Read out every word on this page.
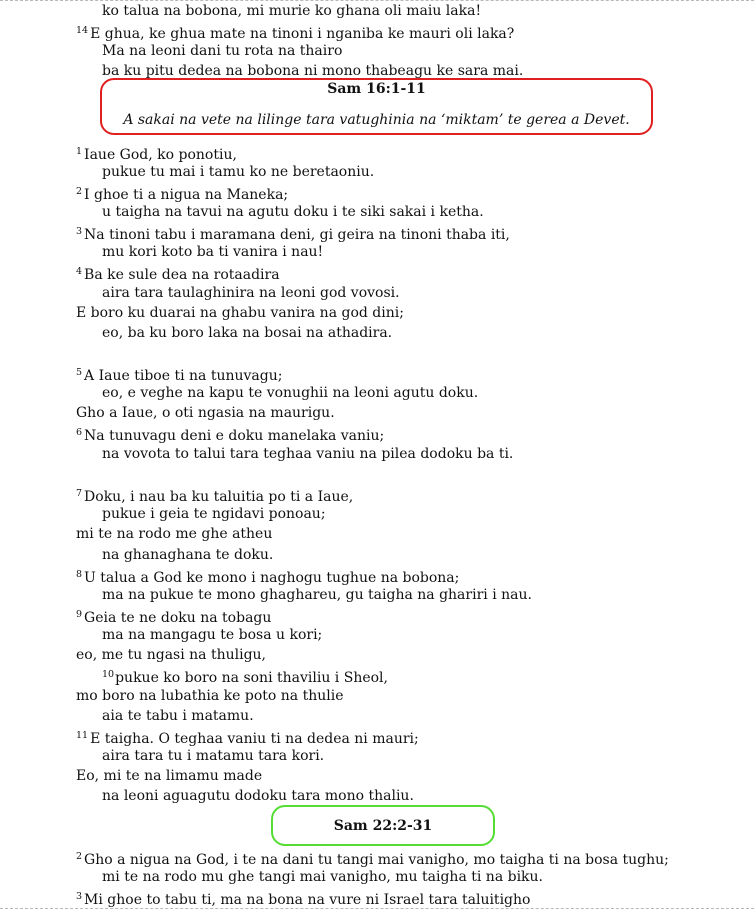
ko talua na bobona, mi murie ko ghana oli maiu laka!
$^{14}$ E ghua, ke ghua mate na tinoni i nganiba ke mauri oli laka?
Ma na leoni dani tu rota na thairo
ba ku pitu dedea na bobona ni mono thabeagu ke sara mai.
Sam 16:1-11
A sakai na vete na lilinge tara vatughinia na ‘miktam’ te gerea a Devet.
$^1$ Iaue God, ko ponotiu,
pukue tu mai i tamu ko ne beretaoniu.
$^2$ I ghoe ti a nigua na Maneka;
u taigha na tavui na agutu doku i te siki sakai i ketha.
$^3$ Na tinoni tabu i maramana deni, gi geira na tinoni thaba iti,
mu kori koto ba ti vanira i nau!
$^4$ Ba ke sule dea na rotaadira
aira tara taulaghinira na leoni god vovosi.
E boro ku duarai na ghabu vanira na god dini;
eo, ba ku boro laka na bosai na athadira.
$^5$ A Iaue tiboe ti na tunuvagu;
eo, e veghe na kapu te vonughii na leoni agutu doku.
Gho a Iaue, o oti ngasia na maurigu.
$^6$ Na tunuvagu deni e doku manelaka vaniu;
na vovota to talui tara teghaa vaniu na pilea dodoku ba ti.
$^7$ Doku, i nau ba ku taluitia po ti a Iaue,
pukue i geia te ngidavi ponoau;
mi te na rodo me ghe atheu
na ghanaghana te doku.
$^8$ U talua a God ke mono i naghogu tughue na bobona;
ma na pukue te mono ghaghareu, gu taigha na ghariri i nau.
$^9$ Geia te ne doku na tobagu
ma na mangagu te bosa u kori;
eo, me tu ngasi na thuligu,
$^{10}$pukue ko boro na soni thaviliu i Sheol,
mo boro na lubathia ke poto na thulie
aia te tabu i matamu.
$^{11}$ E taigha. O teghaa vaniu ti na dedea ni mauri;
aira tara tu i matamu tara kori.
Eo, mi te na limamu made
na leoni aguagutu dodoku tara mono thaliu.
Sam 22:2-31
$^2$ Gho a nigua na God, i te na dani tu tangi mai vanigho, mo taigha ti na bosa tughu;
mi te na rodo mu ghe tangi mai vanigho, mu taigha ti na biku.
$^3$ Mi ghoe to tabu ti, ma na bona na vure ni Israel tara taluitigho
